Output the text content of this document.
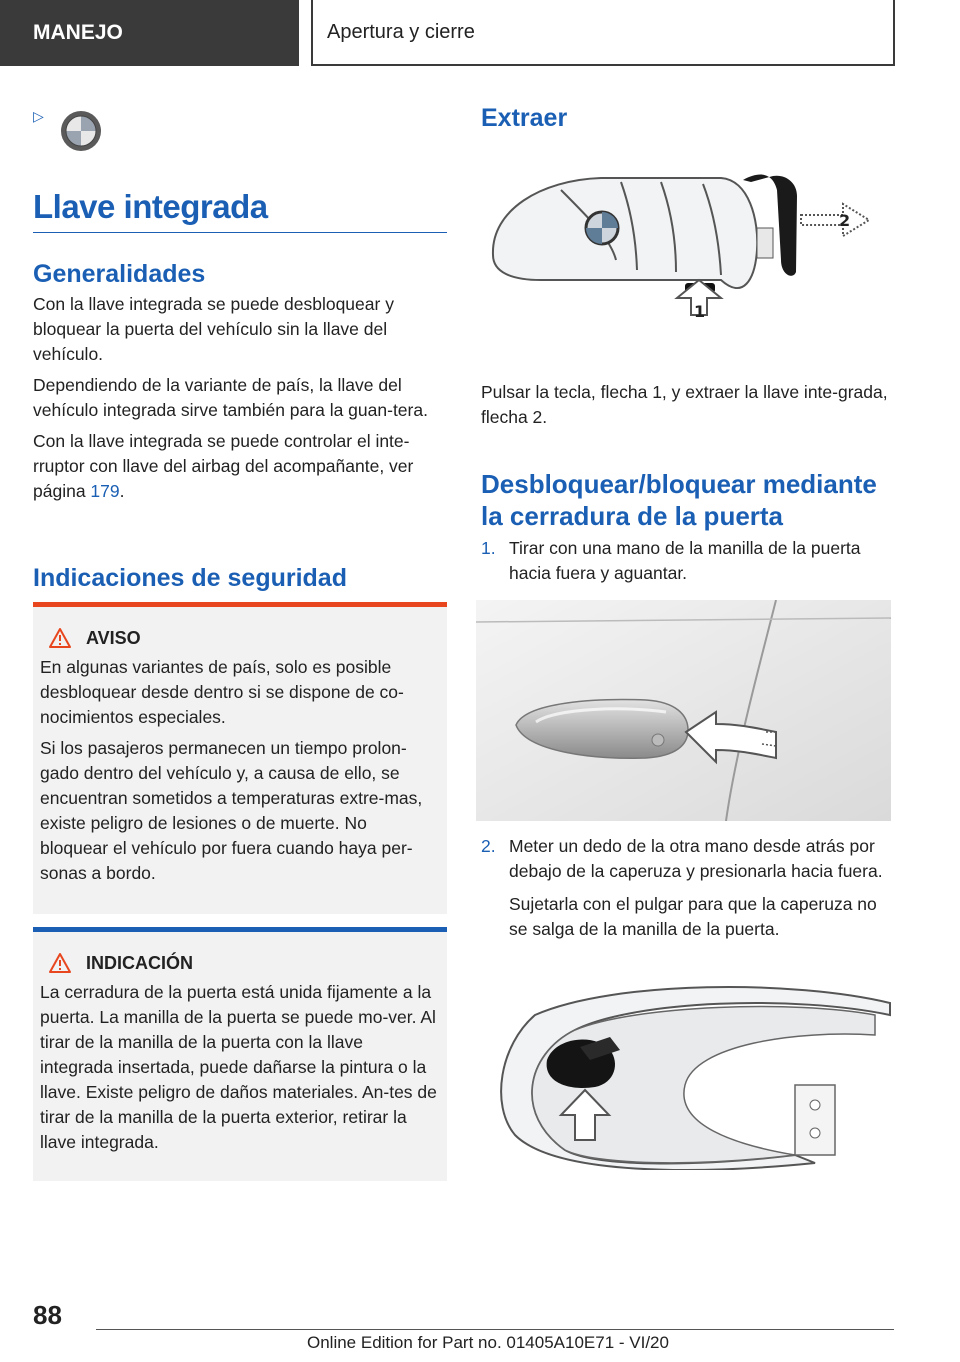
MANEJO	Apertura y cierre
▷
Llave integrada
Generalidades

Con la llave integrada se puede desbloquear y bloquear la puerta del vehículo sin la llave del vehículo.

Dependiendo de la variante de país, la llave del vehículo integrada sirve también para la guan-tera.

Con la llave integrada se puede controlar el inte-rruptor con llave del airbag del acompañante, ver página 179.

Indicaciones de seguridad
AVISO

En algunas variantes de país, solo es posible desbloquear desde dentro si se dispone de co-nocimientos especiales.

Si los pasajeros permanecen un tiempo prolon-gado dentro del vehículo y, a causa de ello, se encuentran sometidos a temperaturas extre-mas, existe peligro de lesiones o de muerte. No bloquear el vehículo por fuera cuando haya per-sonas a bordo.

INDICACIÓN

La cerradura de la puerta está unida fijamente a la puerta. La manilla de la puerta se puede mo-ver. Al tirar de la manilla de la puerta con la llave integrada insertada, puede dañarse la pintura o la llave. Existe peligro de daños materiales. An-tes de tirar de la manilla de la puerta exterior, retirar la llave integrada.

Extraer
2
1

Pulsar la tecla, flecha 1, y extraer la llave inte-grada, flecha 2.

Desbloquear/bloquear mediante la cerradura de la puerta
1. Tirar con una mano de la manilla de la puerta hacia fuera y aguantar.

2. Meter un dedo de la otra mano desde atrás por debajo de la caperuza y presionarla hacia fuera.

Sujetarla con el pulgar para que la caperuza no se salga de la manilla de la puerta.

88
Online Edition for Part no. 01405A10E71 - VI/20
